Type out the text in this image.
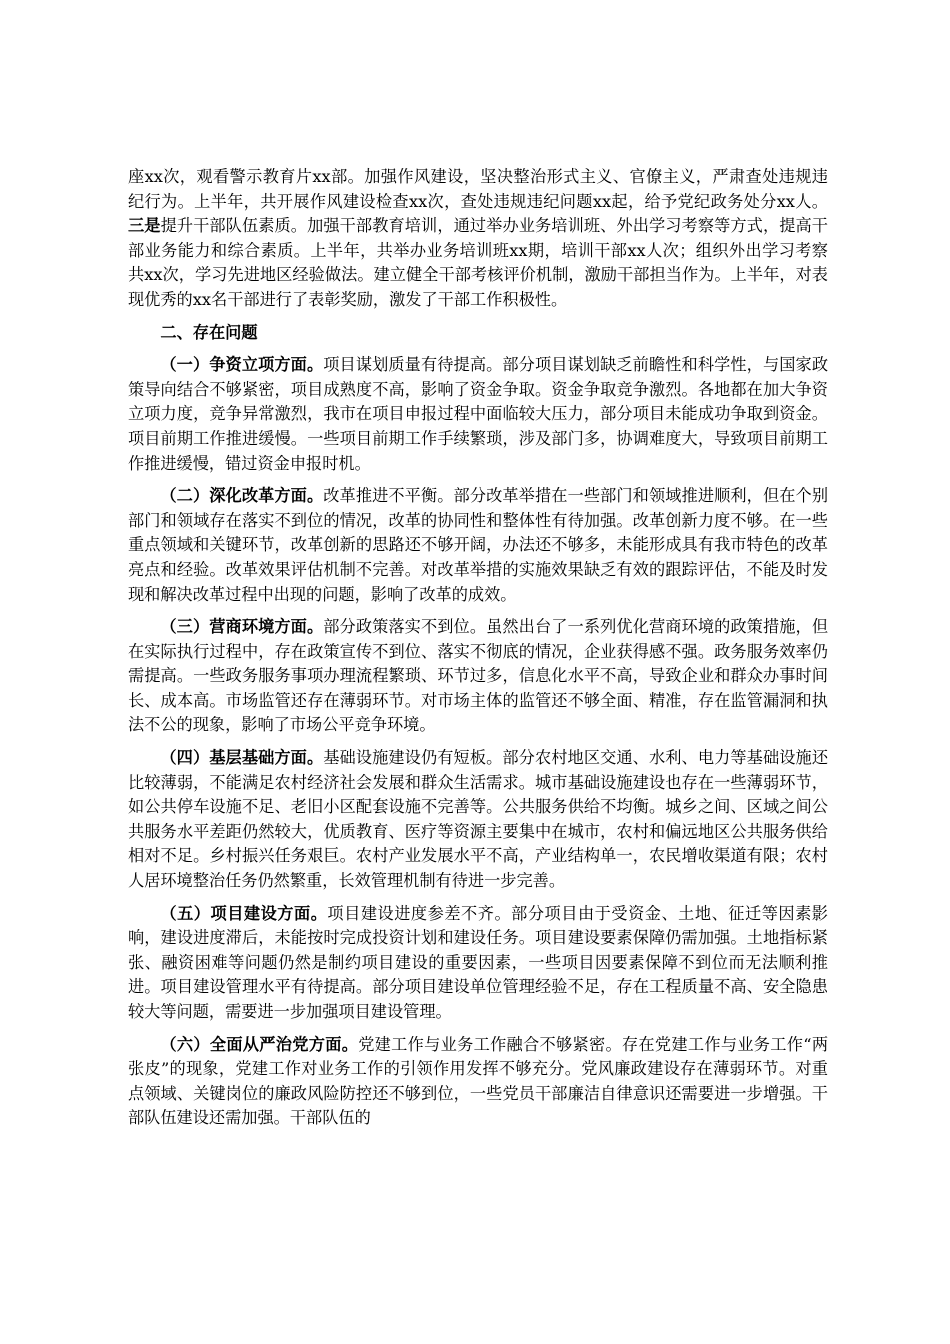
座xx次，观看警示教育片xx部。加强作风建设，坚决整治形式主义、官僚主义，严肃查处违规违纪行为。上半年，共开展作风建设检查xx次，查处违规违纪问题xx起，给予党纪政务处分xx人。三是提升干部队伍素质。加强干部教育培训，通过举办业务培训班、外出学习考察等方式，提高干部业务能力和综合素质。上半年，共举办业务培训班xx期，培训干部xx人次；组织外出学习考察共xx次，学习先进地区经验做法。建立健全干部考核评价机制，激励干部担当作为。上半年，对表现优秀的xx名干部进行了表彰奖励，激发了干部工作积极性。

二、存在问题

（一）争资立项方面。项目谋划质量有待提高。部分项目谋划缺乏前瞻性和科学性，与国家政策导向结合不够紧密，项目成熟度不高，影响了资金争取。资金争取竞争激烈。各地都在加大争资立项力度，竞争异常激烈，我市在项目申报过程中面临较大压力，部分项目未能成功争取到资金。项目前期工作推进缓慢。一些项目前期工作手续繁琐，涉及部门多，协调难度大，导致项目前期工作推进缓慢，错过资金申报时机。

（二）深化改革方面。改革推进不平衡。部分改革举措在一些部门和领域推进顺利，但在个别部门和领域存在落实不到位的情况，改革的协同性和整体性有待加强。改革创新力度不够。在一些重点领域和关键环节，改革创新的思路还不够开阔，办法还不够多，未能形成具有我市特色的改革亮点和经验。改革效果评估机制不完善。对改革举措的实施效果缺乏有效的跟踪评估，不能及时发现和解决改革过程中出现的问题，影响了改革的成效。

（三）营商环境方面。部分政策落实不到位。虽然出台了一系列优化营商环境的政策措施，但在实际执行过程中，存在政策宣传不到位、落实不彻底的情况，企业获得感不强。政务服务效率仍需提高。一些政务服务事项办理流程繁琐、环节过多，信息化水平不高，导致企业和群众办事时间长、成本高。市场监管还存在薄弱环节。对市场主体的监管还不够全面、精准，存在监管漏洞和执法不公的现象，影响了市场公平竞争环境。

（四）基层基础方面。基础设施建设仍有短板。部分农村地区交通、水利、电力等基础设施还比较薄弱，不能满足农村经济社会发展和群众生活需求。城市基础设施建设也存在一些薄弱环节，如公共停车设施不足、老旧小区配套设施不完善等。公共服务供给不均衡。城乡之间、区域之间公共服务水平差距仍然较大，优质教育、医疗等资源主要集中在城市，农村和偏远地区公共服务供给相对不足。乡村振兴任务艰巨。农村产业发展水平不高，产业结构单一，农民增收渠道有限；农村人居环境整治任务仍然繁重，长效管理机制有待进一步完善。

（五）项目建设方面。项目建设进度参差不齐。部分项目由于受资金、土地、征迁等因素影响，建设进度滞后，未能按时完成投资计划和建设任务。项目建设要素保障仍需加强。土地指标紧张、融资困难等问题仍然是制约项目建设的重要因素，一些项目因要素保障不到位而无法顺利推进。项目建设管理水平有待提高。部分项目建设单位管理经验不足，存在工程质量不高、安全隐患较大等问题，需要进一步加强项目建设管理。

（六）全面从严治党方面。党建工作与业务工作融合不够紧密。存在党建工作与业务工作“两张皮”的现象，党建工作对业务工作的引领作用发挥不够充分。党风廉政建设存在薄弱环节。对重点领域、关键岗位的廉政风险防控还不够到位，一些党员干部廉洁自律意识还需要进一步增强。干部队伍建设还需加强。干部队伍的
